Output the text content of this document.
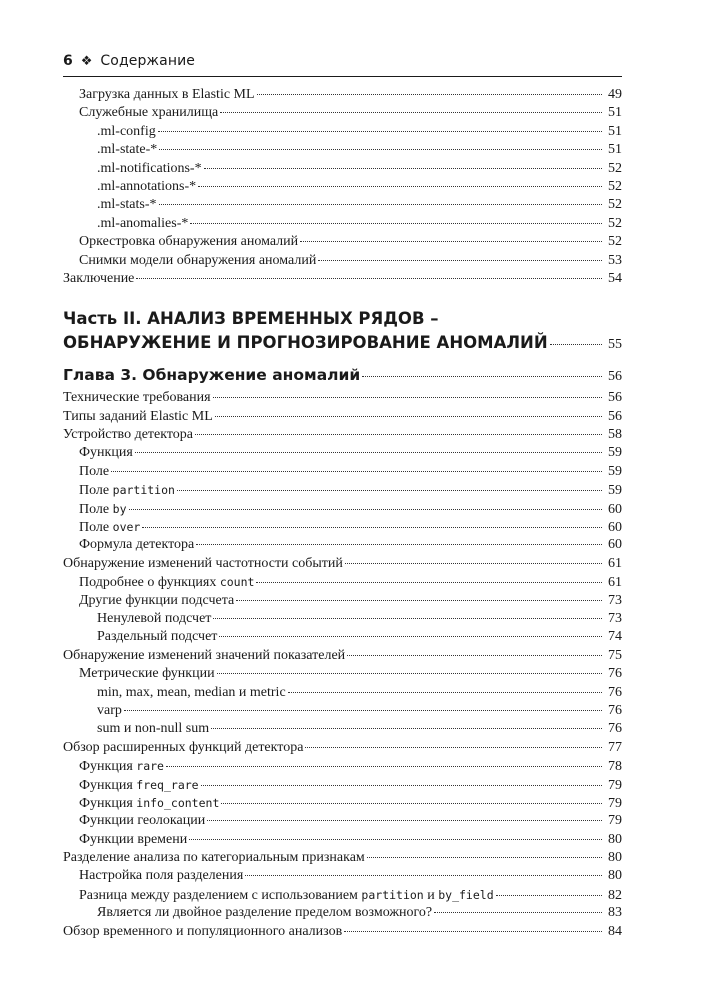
6 ❖ Содержание
Загрузка данных в Elastic ML	49
Служебные хранилища	51
.ml-config	51
.ml-state-*	51
.ml-notifications-*	52
.ml-annotations-*	52
.ml-stats-*	52
.ml-anomalies-*	52
Оркестровка обнаружения аномалий	52
Снимки модели обнаружения аномалий	53
Заключение	54
Часть II. АНАЛИЗ ВРЕМЕННЫХ РЯДОВ –
ОБНАРУЖЕНИЕ И ПРОГНОЗИРОВАНИЕ АНОМАЛИЙ	55
Глава 3. Обнаружение аномалий	56
Технические требования	56
Типы заданий Elastic ML	56
Устройство детектора	58
Функция	59
Поле	59
Поле partition	59
Поле by	60
Поле over	60
Формула детектора	60
Обнаружение изменений частотности событий	61
Подробнее о функциях count	61
Другие функции подсчета	73
Ненулевой подсчет	73
Раздельный подсчет	74
Обнаружение изменений значений показателей	75
Метрические функции	76
min, max, mean, median и metric	76
varp	76
sum и non-null sum	76
Обзор расширенных функций детектора	77
Функция rare	78
Функция freq_rare	79
Функция info_content	79
Функции геолокации	79
Функции времени	80
Разделение анализа по категориальным признакам	80
Настройка поля разделения	80
Разница между разделением с использованием partition и by_field	82
Является ли двойное разделение пределом возможного?	83
Обзор временного и популяционного анализов	84
